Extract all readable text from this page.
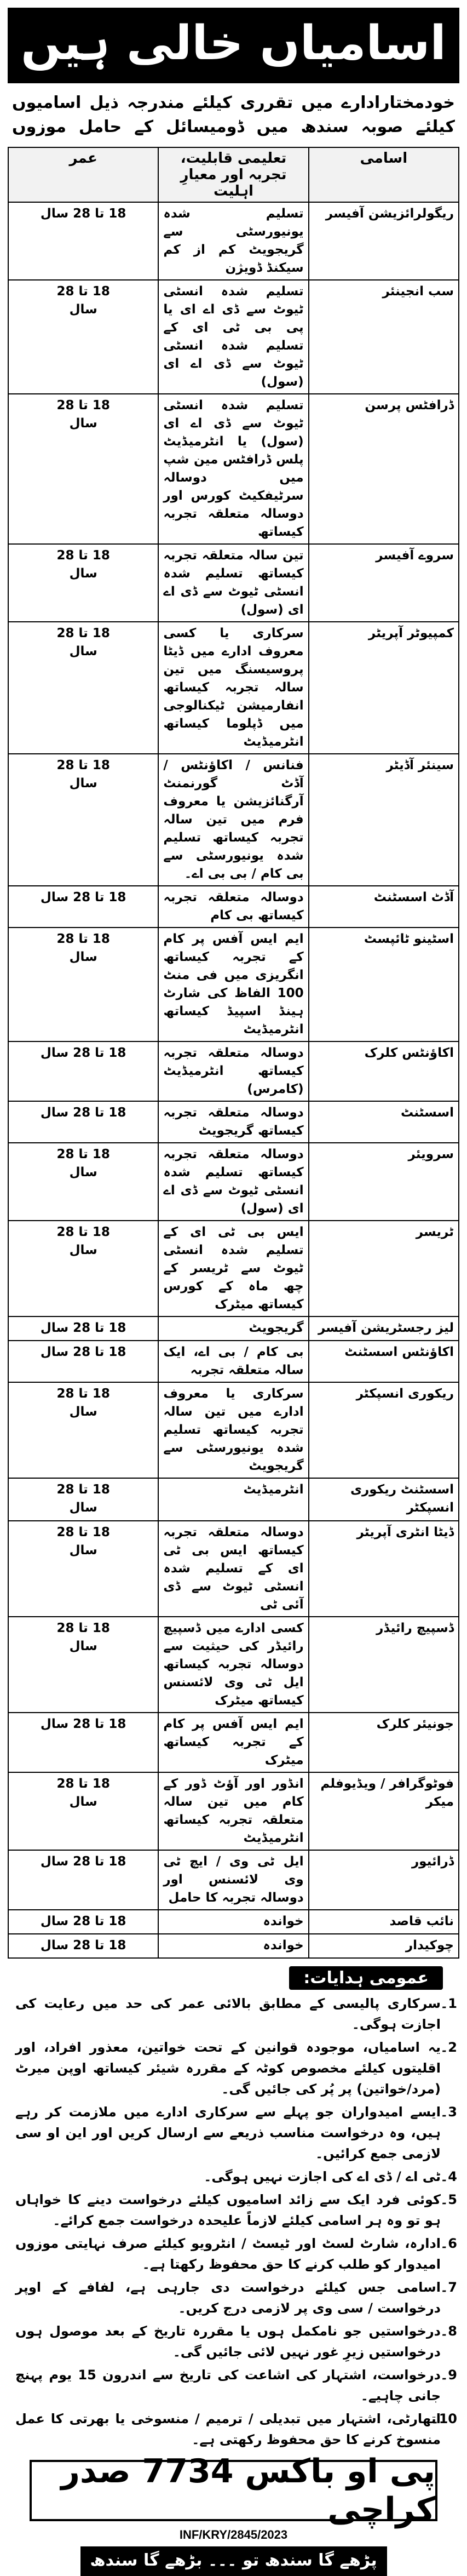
اسامیاں خالی ہیں
خودمختارادارے میں تقرری کیلئے مندرجہ ذیل اسامیوں کیلئے صوبہ سندھ میں ڈومیسائل کے حامل موزوں
اسامی	تعلیمی قابلیت، تجربہ اور معیارِ اہلیت	عمر
ریگولرائزیشن آفیسر	تسلیم شدہ یونیورسٹی سے گریجویٹ کم از کم سیکنڈ ڈویژن	18 تا 28 سال
سب انجینئر	تسلیم شدہ انسٹی ٹیوٹ سے ڈی اے ای یا پی بی ٹی ای کے تسلیم شدہ انسٹی ٹیوٹ سے ڈی اے ای (سول)	18 تا 28
سال
ڈرافٹس پرسن	تسلیم شدہ انسٹی ٹیوٹ سے ڈی اے ای (سول) یا انٹرمیڈیٹ پلس ڈرافٹس مین شپ میں دوسالہ سرٹیفکیٹ کورس اور دوسالہ متعلقہ تجربہ کیساتھ	18 تا 28
سال
سروے آفیسر	تین سالہ متعلقہ تجربہ کیساتھ تسلیم شدہ انسٹی ٹیوٹ سے ڈی اے ای (سول)	18 تا 28
سال
کمپیوٹر آپریٹر	سرکاری یا کسی معروف ادارے میں ڈیٹا پروسیسنگ میں تین سالہ تجربہ کیساتھ انفارمیشن ٹیکنالوجی میں ڈپلوما کیساتھ انٹرمیڈیٹ	18 تا 28
سال
سینئر آڈیٹر	فنانس / اکاؤنٹس / آڈٹ گورنمنٹ آرگنائزیشن یا معروف فرم میں تین سالہ تجربہ کیساتھ تسلیم شدہ یونیورسٹی سے بی کام / بی بی اے۔	18 تا 28
سال
آڈٹ اسسٹنٹ	دوسالہ متعلقہ تجربہ کیساتھ بی کام	18 تا 28 سال
اسٹینو ٹائپسٹ	ایم ایس آفس پر کام کے تجربہ کیساتھ انگریزی میں فی منٹ 100 الفاظ کی شارٹ ہینڈ اسپیڈ کیساتھ انٹرمیڈیٹ	18 تا 28
سال
اکاؤنٹس کلرک	دوسالہ متعلقہ تجربہ کیساتھ انٹرمیڈیٹ (کامرس)	18 تا 28 سال
اسسٹنٹ	دوسالہ متعلقہ تجربہ کیساتھ گریجویٹ	18 تا 28 سال
سرویئر	دوسالہ متعلقہ تجربہ کیساتھ تسلیم شدہ انسٹی ٹیوٹ سے ڈی اے ای (سول)	18 تا 28
سال
ٹریسر	ایس بی ٹی ای کے تسلیم شدہ انسٹی ٹیوٹ سے ٹریسر کے چھ ماہ کے کورس کیساتھ میٹرک	18 تا 28
سال
لیز رجسٹریشن آفیسر	گریجویٹ	18 تا 28 سال
اکاؤنٹس اسسٹنٹ	بی کام / بی اے، ایک سالہ متعلقہ تجربہ	18 تا 28 سال
ریکوری انسپکٹر	سرکاری یا معروف ادارے میں تین سالہ تجربہ کیساتھ تسلیم شدہ یونیورسٹی سے گریجویٹ	18 تا 28
سال
اسسٹنٹ ریکوری انسپکٹر	انٹرمیڈیٹ	18 تا 28
سال
ڈیٹا انٹری آپریٹر	دوسالہ متعلقہ تجربہ کیساتھ ایس بی ٹی ای کے تسلیم شدہ انسٹی ٹیوٹ سے ڈی آئی ٹی	18 تا 28
سال
ڈسپیچ رائیڈر	کسی ادارے میں ڈسپیچ رائیڈر کی حیثیت سے دوسالہ تجربہ کیساتھ ایل ٹی وی لائسنس کیساتھ میٹرک	18 تا 28
سال
جونیئر کلرک	ایم ایس آفس پر کام کے تجربہ کیساتھ میٹرک	18 تا 28 سال
فوٹوگرافر / ویڈیوفلم میکر	انڈور اور آؤٹ ڈور کے کام میں تین سالہ متعلقہ تجربہ کیساتھ انٹرمیڈیٹ	18 تا 28
سال
ڈرائیور	ایل ٹی وی / ایچ ٹی وی لائسنس اور دوسالہ تجربہ کا حامل	18 تا 28 سال
نائب قاصد	خواندہ	18 تا 28 سال
چوکیدار	خواندہ	18 تا 28 سال
عمومی ہدایات:
سرکاری پالیسی کے مطابق بالائی عمر کی حد میں رعایت کی اجازت ہوگی۔
یہ اسامیاں، موجودہ قوانین کے تحت خواتین، معذور افراد، اور اقلیتوں کیلئے مخصوص کوٹہ کے مقررہ شیئر کیساتھ اوپن میرٹ (مرد/خواتین) پر پُر کی جائیں گی۔
ایسے امیدواران جو پہلے سے سرکاری ادارے میں ملازمت کر رہے ہیں، وہ درخواست مناسب ذریعے سے ارسال کریں اور این او سی لازمی جمع کرائیں۔
ٹی اے / ڈی اے کی اجازت نہیں ہوگی۔
کوئی فرد ایک سے زائد اسامیوں کیلئے درخواست دینے کا خواہاں ہو تو وہ ہر اسامی کیلئے لازماً علیحدہ درخواست جمع کرائے۔
ادارہ، شارٹ لسٹ اور ٹیسٹ / انٹرویو کیلئے صرف نہایتی موزوں امیدوار کو طلب کرنے کا حق محفوظ رکھتا ہے۔
اسامی جس کیلئے درخواست دی جارہی ہے، لفافے کے اوپر درخواست / سی وی پر لازمی درج کریں۔
درخواستیں جو نامکمل ہوں یا مقررہ تاریخ کے بعد موصول ہوں درخواستیں زیرِ غور نہیں لائی جائیں گی۔
درخواست، اشتہار کی اشاعت کی تاریخ سے اندرون 15 یوم پہنچ جانی چاہیے۔
اتھارٹی، اشتہار میں تبدیلی / ترمیم / منسوخی یا بھرتی کا عمل منسوخ کرنے کا حق محفوظ رکھتی ہے۔
پی او باکس 7734 صدر کراچی
INF/KRY/2845/2023
پڑھے گا سندھ تو ۔۔۔ بڑھے گا سندھ
